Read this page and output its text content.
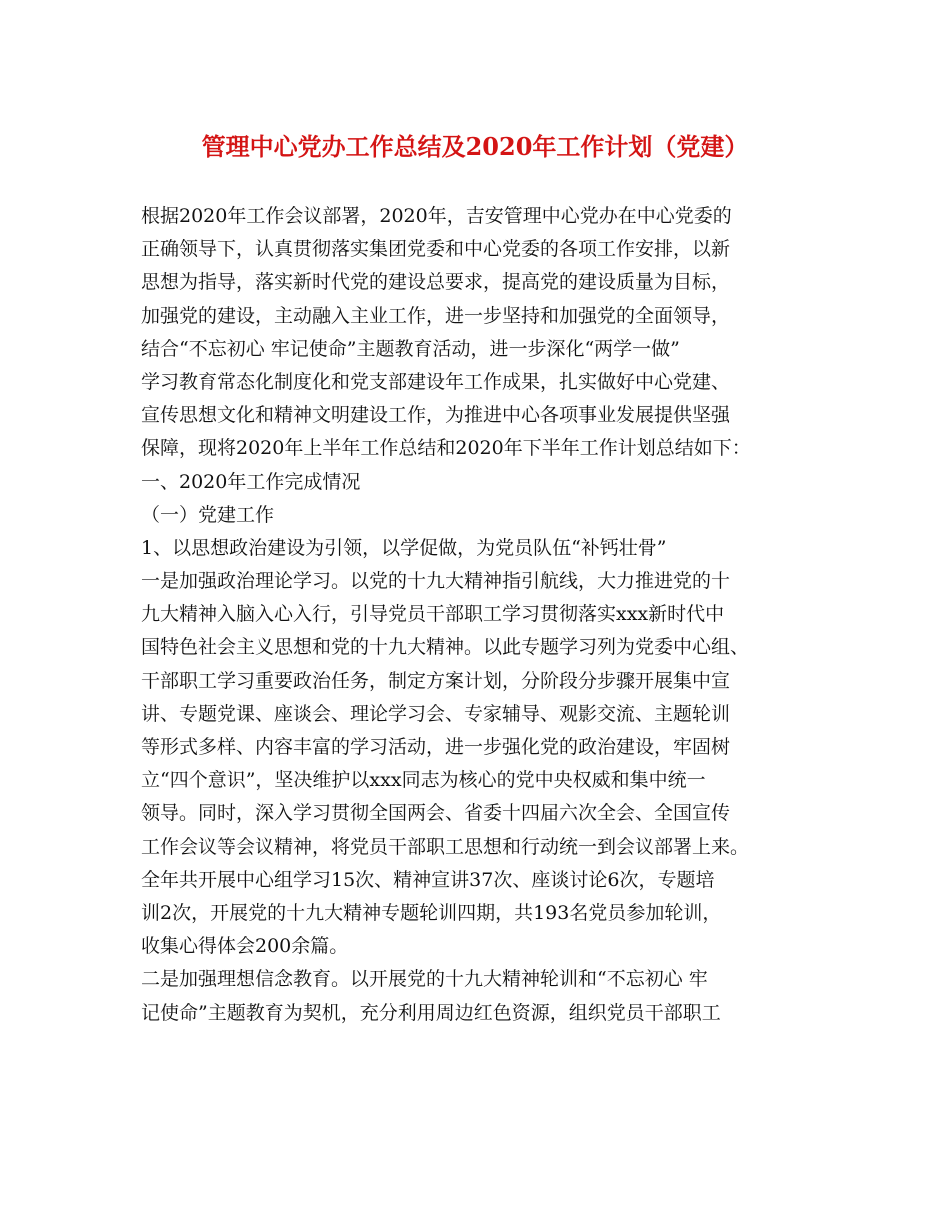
管理中心党办工作总结及2020年工作计划（党建）
根据2020年工作会议部署，2020年，吉安管理中心党办在中心党委的
正确领导下，认真贯彻落实集团党委和中心党委的各项工作安排，以新
思想为指导，落实新时代党的建设总要求，提高党的建设质量为目标，
加强党的建设，主动融入主业工作，进一步坚持和加强党的全面领导，
结合“不忘初心 牢记使命”主题教育活动，进一步深化“两学一做”
学习教育常态化制度化和党支部建设年工作成果，扎实做好中心党建、
宣传思想文化和精神文明建设工作，为推进中心各项事业发展提供坚强
保障，现将2020年上半年工作总结和2020年下半年工作计划总结如下：
一、2020年工作完成情况
（一）党建工作
1、以思想政治建设为引领，以学促做，为党员队伍“补钙壮骨”
一是加强政治理论学习。以党的十九大精神指引航线，大力推进党的十
九大精神入脑入心入行，引导党员干部职工学习贯彻落实xxx新时代中
国特色社会主义思想和党的十九大精神。以此专题学习列为党委中心组、
干部职工学习重要政治任务，制定方案计划，分阶段分步骤开展集中宣
讲、专题党课、座谈会、理论学习会、专家辅导、观影交流、主题轮训
等形式多样、内容丰富的学习活动，进一步强化党的政治建设，牢固树
立“四个意识”，坚决维护以xxx同志为核心的党中央权威和集中统一
领导。同时，深入学习贯彻全国两会、省委十四届六次全会、全国宣传
工作会议等会议精神，将党员干部职工思想和行动统一到会议部署上来。
全年共开展中心组学习15次、精神宣讲37次、座谈讨论6次，专题培
训2次，开展党的十九大精神专题轮训四期，共193名党员参加轮训，
收集心得体会200余篇。
二是加强理想信念教育。以开展党的十九大精神轮训和“不忘初心 牢
记使命”主题教育为契机，充分利用周边红色资源，组织党员干部职工
